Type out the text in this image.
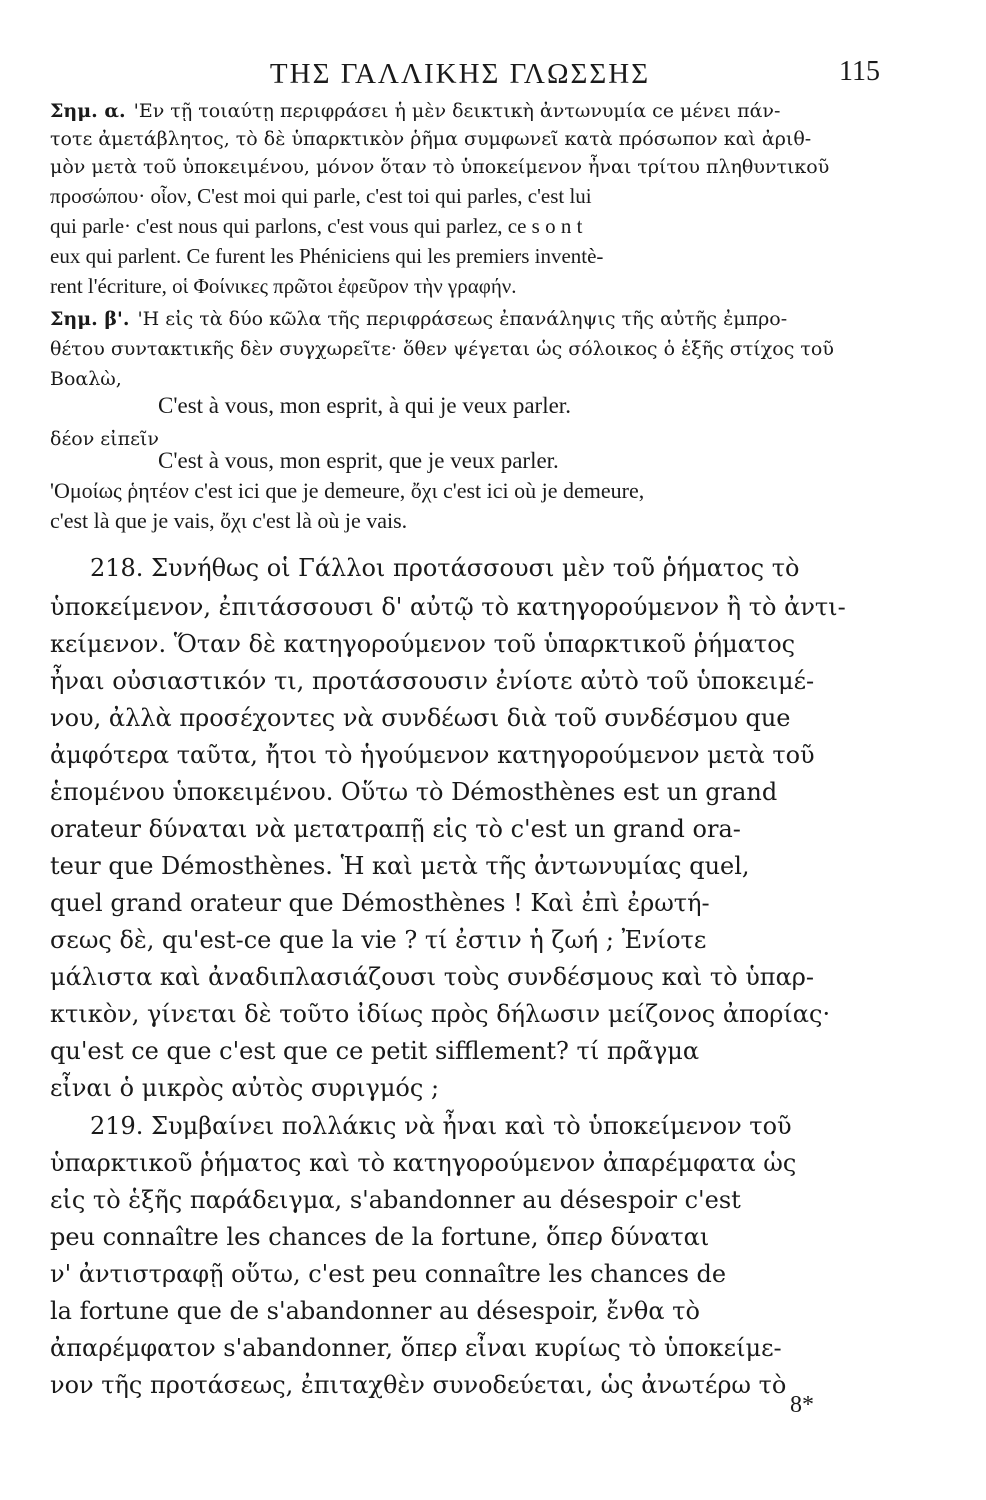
ΤΗΣ ΓΑΛΛΙΚΗΣ ΓΛΩΣΣΗΣ	115
Σημ. α. 'Εν τῇ τοιαύτῃ περιφράσει ἡ μὲν δεικτικὴ ἀντωνυμία ce μένει πάν-
τοτε ἀμετάβλητος, τὸ δὲ ὑπαρκτικὸν ῥῆμα συμφωνεῖ κατὰ πρόσωπον καὶ ἀριθ-
μὸν μετὰ τοῦ ὑποκειμένου, μόνον ὅταν τὸ ὑποκείμενον ἦναι τρίτου πληθυντικοῦ
προσώπου· οἷον, C'est moi qui parle, c'est toi qui parles, c'est lui
qui parle· c'est nous qui parlons, c'est vous qui parlez, ce s o n t
eux qui parlent. Ce furent les Phéniciens qui les premiers inventè-
rent l'écriture, οἱ Φοίνικες πρῶτοι ἐφεῦρον τὴν γραφήν.
Σημ. β'. 'Η εἰς τὰ δύο κῶλα τῆς περιφράσεως ἐπανάληψις τῆς αὐτῆς ἐμπρο-
θέτου συντακτικῆς δὲν συγχωρεῖτε· ὅθεν ψέγεται ὡς σόλοικος ὁ ἑξῆς στίχος τοῦ
Βοαλὼ,
C'est à vous, mon esprit, à qui je veux parler.
δέον εἰπεῖν
C'est à vous, mon esprit, que je veux parler.
'Ομοίως ῥητέον c'est ici que je demeure, ὄχι c'est ici où je demeure,
c'est là que je vais, ὄχι c'est là où je vais.
218. Συνήθως οἱ Γάλλοι προτάσσουσι μὲν τοῦ ῥήματος τὸ
ὑποκείμενον, ἐπιτάσσουσι δ' αὐτῷ τὸ κατηγορούμενον ἢ τὸ ἀντι-
κείμενον. Ὅταν δὲ κατηγορούμενον τοῦ ὑπαρκτικοῦ ῥήματος
ἦναι οὐσιαστικόν τι, προτάσσουσιν ἐνίοτε αὐτὸ τοῦ ὑποκειμέ-
νου, ἀλλὰ προσέχοντες νὰ συνδέωσι διὰ τοῦ συνδέσμου que
ἀμφότερα ταῦτα, ἤτοι τὸ ἡγούμενον κατηγορούμενον μετὰ τοῦ
ἑπομένου ὑποκειμένου. Οὕτω τὸ Démosthènes est un grand
orateur δύναται νὰ μετατραπῇ εἰς τὸ c'est un grand ora-
teur que Démosthènes. Ἡ καὶ μετὰ τῆς ἀντωνυμίας quel,
quel grand orateur que Démosthènes ! Καὶ ἐπὶ ἐρωτή-
σεως δὲ, qu'est-ce que la vie ? τί ἐστιν ἡ ζωή ; Ἐνίοτε
μάλιστα καὶ ἀναδιπλασιάζουσι τοὺς συνδέσμους καὶ τὸ ὑπαρ-
κτικὸν, γίνεται δὲ τοῦτο ἰδίως πρὸς δήλωσιν μείζονος ἀπορίας·
qu'est ce que c'est que ce petit sifflement? τί πρᾶγμα
εἶναι ὁ μικρὸς αὐτὸς συριγμός ;
219. Συμβαίνει πολλάκις νὰ ἦναι καὶ τὸ ὑποκείμενον τοῦ
ὑπαρκτικοῦ ῥήματος καὶ τὸ κατηγορούμενον ἀπαρέμφατα ὡς
εἰς τὸ ἑξῆς παράδειγμα, s'abandonner au désespoir c'est
peu connaître les chances de la fortune, ὅπερ δύναται
ν' ἀντιστραφῇ οὕτω, c'est peu connaître les chances de
la fortune que de s'abandonner au désespoir, ἔνθα τὸ
ἀπαρέμφατον s'abandonner, ὅπερ εἶναι κυρίως τὸ ὑποκείμε-
νον τῆς προτάσεως, ἐπιταχθὲν συνοδεύεται, ὡς ἀνωτέρω τὸ
8*
